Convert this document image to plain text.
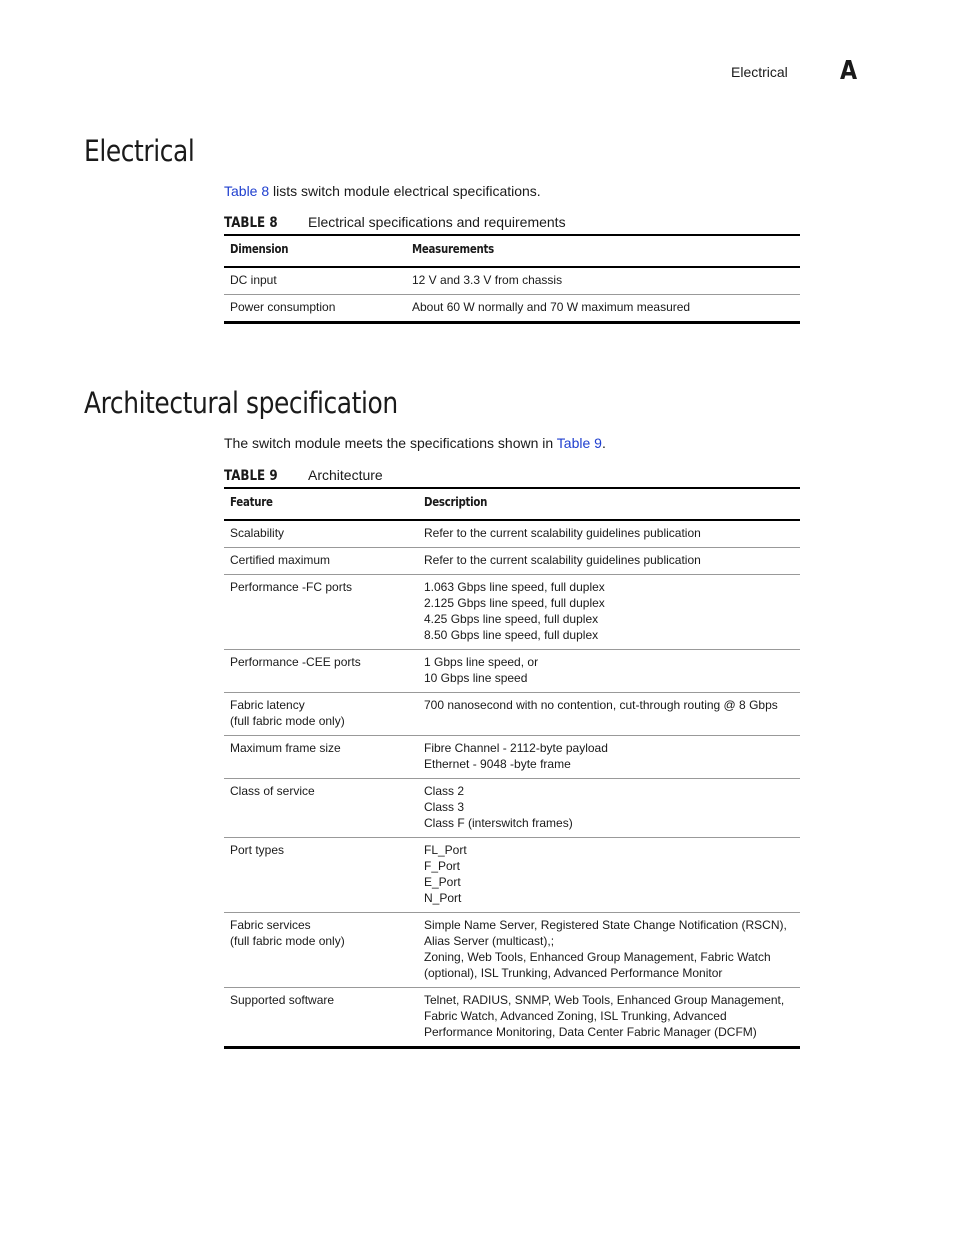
Electrical A
Electrical

Table 8 lists switch module electrical specifications.

TABLE 8 Electrical specifications and requirements
Dimension	Measurements

DC input	12 V and 3.3 V from chassis

Power consumption	About 60 W normally and 70 W maximum measured
Architectural specification

The switch module meets the specifications shown in Table 9.

TABLE 9 Architecture
Feature	Description

Scalability	Refer to the current scalability guidelines publication

Certified maximum	Refer to the current scalability guidelines publication

Performance -FC ports	1.063 Gbps line speed, full duplex
2.125 Gbps line speed, full duplex
4.25 Gbps line speed, full duplex
8.50 Gbps line speed, full duplex

Performance -CEE ports	1 Gbps line speed, or
10 Gbps line speed

Fabric latency
(full fabric mode only)	700 nanosecond with no contention, cut-through routing @ 8 Gbps

Maximum frame size	Fibre Channel - 2112-byte payload
Ethernet - 9048 -byte frame

Class of service	Class 2
Class 3
Class F (interswitch frames)

Port types	FL_Port
F_Port
E_Port
N_Port

Fabric services
(full fabric mode only)	Simple Name Server, Registered State Change Notification (RSCN),
Alias Server (multicast),;
Zoning, Web Tools, Enhanced Group Management, Fabric Watch
(optional), ISL Trunking, Advanced Performance Monitor

Supported software	Telnet, RADIUS, SNMP, Web Tools, Enhanced Group Management,
Fabric Watch, Advanced Zoning, ISL Trunking, Advanced
Performance Monitoring, Data Center Fabric Manager (DCFM)
